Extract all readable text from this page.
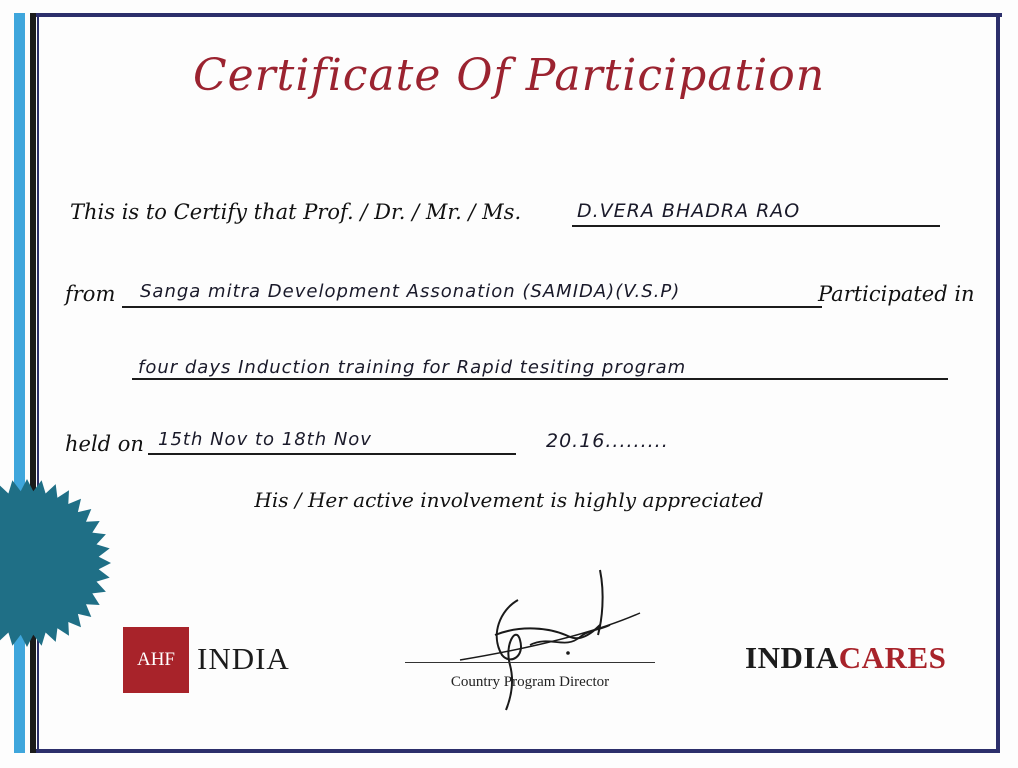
Certificate Of Participation
This is to Certify that Prof. / Dr. / Mr. / Ms.	D.VERA BHADRA RAO
from Sanga mitra Development Assonation (SAMIDA)(V.S.P)	Participated in
four days Induction training for Rapid tesiting program
held on 15th Nov to 18th Nov	20.16.........
His / Her active involvement is highly appreciated
Country Program Director
AHF INDIA	INDIACARES
